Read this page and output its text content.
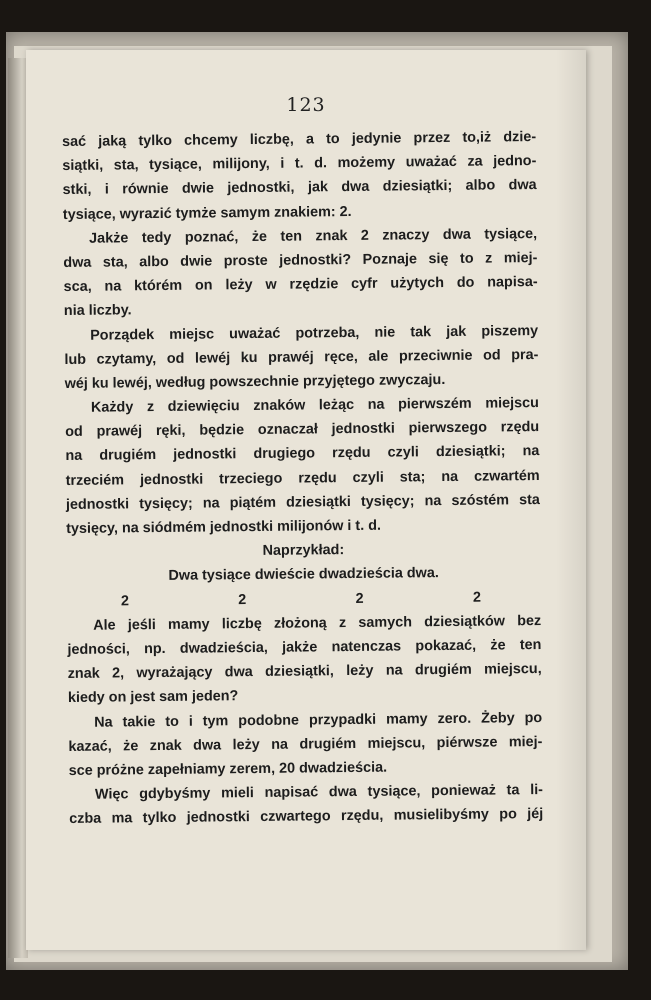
123
sać jaką tylko chcemy liczbę, a to jedynie przez to,iż dzie-
siątki, sta, tysiące, milijony, i t. d. możemy uważać za jedno-
stki, i równie dwie jednostki, jak dwa dziesiątki; albo dwa
tysiące, wyrazić tymże samym znakiem: 2.
Jakże tedy poznać, że ten znak 2 znaczy dwa tysiące,
dwa sta, albo dwie proste jednostki? Poznaje się to z miej-
sca, na którém on leży w rzędzie cyfr użytych do napisa-
nia liczby.
Porządek miejsc uważać potrzeba, nie tak jak piszemy
lub czytamy, od lewéj ku prawéj ręce, ale przeciwnie od pra-
wéj ku lewéj, według powszechnie przyjętego zwyczaju.
Każdy z dziewięciu znaków leżąc na pierwszém miejscu
od prawéj ręki, będzie oznaczał jednostki pierwszego rzędu
na drugiém jednostki drugiego rzędu czyli dziesiątki; na
trzeciém jednostki trzeciego rzędu czyli sta; na czwartém
jednostki tysięcy; na piątém dziesiątki tysięcy; na szóstém sta
tysięcy, na siódmém jednostki milijonów i t. d.
Naprzykład:
Dwa tysiące dwieście dwadzieścia dwa.
2	2	2	2
Ale jeśli mamy liczbę złożoną z samych dziesiątków bez
jedności, np. dwadzieścia, jakże natenczas pokazać, że ten
znak 2, wyrażający dwa dziesiątki, leży na drugiém miejscu,
kiedy on jest sam jeden?
Na takie to i tym podobne przypadki mamy zero. Żeby po
kazać, że znak dwa leży na drugiém miejscu, piérwsze miej-
sce próżne zapełniamy zerem, 20 dwadzieścia.
Więc gdybyśmy mieli napisać dwa tysiące, ponieważ ta li-
czba ma tylko jednostki czwartego rzędu, musielibyśmy po jéj
